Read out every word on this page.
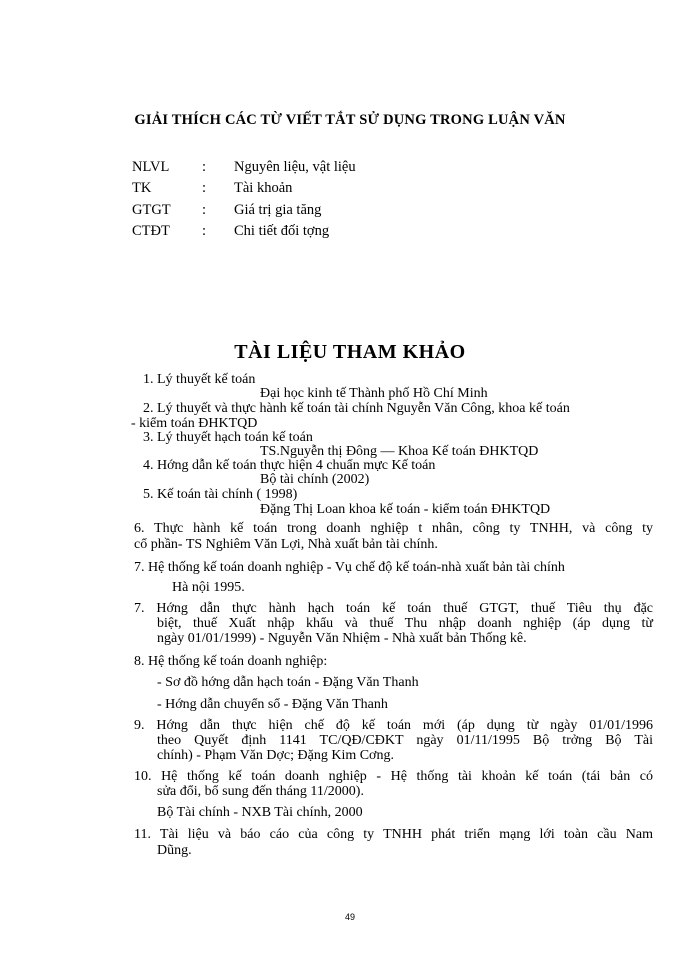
GIẢI THÍCH CÁC TỪ VIẾT TẮT SỬ DỤNG TRONG LUẬN VĂN
NLVL : Nguyên liệu, vật liệu
TK	: Tài khoản
GTGT : Giá trị gia tăng
CTĐT : Chi tiết đối tợng
TÀI LIỆU THAM KHẢO
1. Lý thuyết kế toán
Đại học kinh tế Thành phố Hồ Chí Minh
2. Lý thuyết và thực hành kế toán tài chính Nguyễn Văn Công, khoa kế toán
- kiểm toán ĐHKTQD
3. Lý thuyết hạch toán kế toán
TS.Nguyễn thị Đông — Khoa Kế toán ĐHKTQD
4. Hớng dẫn kế toán thực hiện 4 chuẩn mực Kế toán
Bộ tài chính (2002)
5. Kế toán tài chính ( 1998)
Đặng Thị Loan khoa kế toán - kiểm toán ĐHKTQD
6. Thực hành kế toán trong doanh nghiệp t nhân, công ty TNHH, và công ty
cổ phần- TS Nghiêm Văn Lợi, Nhà xuất bản tài chính.
7. Hệ thống kế toán doanh nghiệp - Vụ chế độ kế toán-nhà xuất bản tài chính
Hà nội 1995.
7. Hớng dẫn thực hành hạch toán kế toán thuế GTGT, thuế Tiêu thụ đặc
biệt, thuế Xuất nhập khẩu và thuế Thu nhập doanh nghiệp (áp dụng từ
ngày 01/01/1999) - Nguyễn Văn Nhiệm - Nhà xuất bản Thống kê.
8. Hệ thống kế toán doanh nghiệp:
- Sơ đồ hớng dẫn hạch toán - Đặng Văn Thanh
- Hớng dẫn chuyển sổ - Đặng Văn Thanh
9. Hớng dẫn thực hiện chế độ kế toán mới (áp dụng từ ngày 01/01/1996
theo Quyết định 1141 TC/QĐ/CĐKT ngày 01/11/1995 Bộ trởng Bộ Tài
chính) - Phạm Văn Dợc; Đặng Kim Cơng.
10. Hệ thống kế toán doanh nghiệp - Hệ thống tài khoản kế toán (tái bản có
sửa đổi, bổ sung đến tháng 11/2000).
Bộ Tài chính - NXB Tài chính, 2000
11. Tài liệu và báo cáo của công ty TNHH phát triển mạng lới toàn cầu Nam
Dũng.
49
